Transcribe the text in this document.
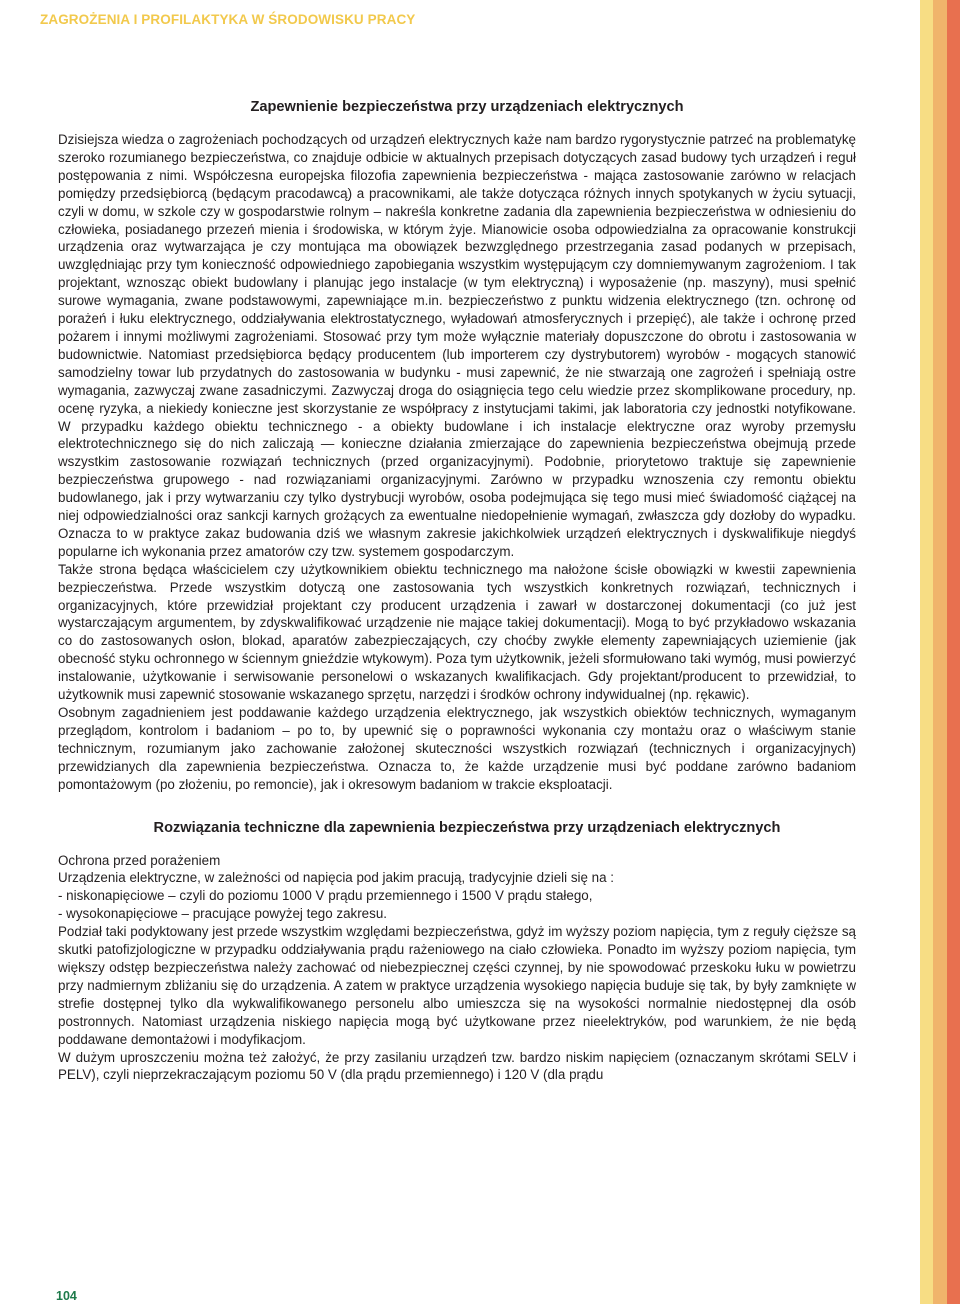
ZAGROŻENIA I PROFILAKTYKA W ŚRODOWISKU PRACY
Zapewnienie bezpieczeństwa przy urządzeniach elektrycznych

Dzisiejsza wiedza o zagrożeniach pochodzących od urządzeń elektrycznych każe nam bardzo rygorystycznie patrzeć na problematykę szeroko rozumianego bezpieczeństwa, co znajduje odbicie w aktualnych przepisach dotyczących zasad budowy tych urządzeń i reguł postępowania z nimi. Współczesna europejska filozofia zapewnienia bezpieczeństwa - mająca zastosowanie zarówno w relacjach pomiędzy przedsiębiorcą (będącym pracodawcą) a pracownikami, ale także dotycząca różnych innych spotykanych w życiu sytuacji, czyli w domu, w szkole czy w gospodarstwie rolnym – nakreśla konkretne zadania dla zapewnienia bezpieczeństwa w odniesieniu do człowieka, posiadanego przezeń mienia i środowiska, w którym żyje. Mianowicie osoba odpowiedzialna za opracowanie konstrukcji urządzenia oraz wytwarzająca je czy montująca ma obowiązek bezwzględnego przestrzegania zasad podanych w przepisach, uwzględniając przy tym konieczność odpowiedniego zapobiegania wszystkim występującym czy domniemywanym zagrożeniom. I tak projektant, wznosząc obiekt budowlany i planując jego instalacje (w tym elektryczną) i wyposażenie (np. maszyny), musi spełnić surowe wymagania, zwane podstawowymi, zapewniające m.in. bezpieczeństwo z punktu widzenia elektrycznego (tzn. ochronę od porażeń i łuku elektrycznego, oddziaływania elektrostatycznego, wyładowań atmosferycznych i przepięć), ale także i ochronę przed pożarem i innymi możliwymi zagrożeniami. Stosować przy tym może wyłącznie materiały dopuszczone do obrotu i zastosowania w budownictwie. Natomiast przedsiębiorca będący producentem (lub importerem czy dystrybutorem) wyrobów - mogących stanowić samodzielny towar lub przydatnych do zastosowania w budynku - musi zapewnić, że nie stwarzają one zagrożeń i spełniają ostre wymagania, zazwyczaj zwane zasadniczymi. Zazwyczaj droga do osiągnięcia tego celu wiedzie przez skomplikowane procedury, np. ocenę ryzyka, a niekiedy konieczne jest skorzystanie ze współpracy z instytucjami takimi, jak laboratoria czy jednostki notyfikowane. W przypadku każdego obiektu technicznego - a obiekty budowlane i ich instalacje elektryczne oraz wyroby przemysłu elektrotechnicznego się do nich zaliczają — konieczne działania zmierzające do zapewnienia bezpieczeństwa obejmują przede wszystkim zastosowanie rozwiązań technicznych (przed organizacyjnymi). Podobnie, priorytetowo traktuje się zapewnienie bezpieczeństwa grupowego - nad rozwiązaniami organizacyjnymi. Zarówno w przypadku wznoszenia czy remontu obiektu budowlanego, jak i przy wytwarzaniu czy tylko dystrybucji wyrobów, osoba podejmująca się tego musi mieć świadomość ciążącej na niej odpowiedzialności oraz sankcji karnych grożących za ewentualne niedopełnienie wymagań, zwłaszcza gdy dozłoby do wypadku. Oznacza to w praktyce zakaz budowania dziś we własnym zakresie jakichkolwiek urządzeń elektrycznych i dyskwalifikuje niegdyś popularne ich wykonania przez amatorów czy tzw. systemem gospodarczym.

Także strona będąca właścicielem czy użytkownikiem obiektu technicznego ma nałożone ścisłe obowiązki w kwestii zapewnienia bezpieczeństwa. Przede wszystkim dotyczą one zastosowania tych wszystkich konkretnych rozwiązań, technicznych i organizacyjnych, które przewidział projektant czy producent urządzenia i zawarł w dostarczonej dokumentacji (co już jest wystarczającym argumentem, by zdyskwalifikować urządzenie nie mające takiej dokumentacji). Mogą to być przykładowo wskazania co do zastosowanych osłon, blokad, aparatów zabezpieczających, czy choćby zwykłe elementy zapewniających uziemienie (jak obecność styku ochronnego w ściennym gnieździe wtykowym). Poza tym użytkownik, jeżeli sformułowano taki wymóg, musi powierzyć instalowanie, użytkowanie i serwisowanie personelowi o wskazanych kwalifikacjach. Gdy projektant/producent to przewidział, to użytkownik musi zapewnić stosowanie wskazanego sprzętu, narzędzi i środków ochrony indywidualnej (np. rękawic).

Osobnym zagadnieniem jest poddawanie każdego urządzenia elektrycznego, jak wszystkich obiektów technicznych, wymaganym przeglądom, kontrolom i badaniom – po to, by upewnić się o poprawności wykonania czy montażu oraz o właściwym stanie technicznym, rozumianym jako zachowanie założonej skuteczności wszystkich rozwiązań (technicznych i organizacyjnych) przewidzianych dla zapewnienia bezpieczeństwa. Oznacza to, że każde urządzenie musi być poddane zarówno badaniom pomontażowym (po złożeniu, po remoncie), jak i okresowym badaniom w trakcie eksploatacji.

Rozwiązania techniczne dla zapewnienia bezpieczeństwa przy urządzeniach elektrycznych

Ochrona przed porażeniem

Urządzenia elektryczne, w zależności od napięcia pod jakim pracują, tradycyjnie dzieli się na :

- niskonapięciowe – czyli do poziomu 1000 V prądu przemiennego i 1500 V prądu stałego,

- wysokonapięciowe – pracujące powyżej tego zakresu.

Podział taki podyktowany jest przede wszystkim względami bezpieczeństwa, gdyż im wyższy poziom napięcia, tym z reguły cięższe są skutki patofizjologiczne w przypadku oddziaływania prądu rażeniowego na ciało człowieka. Ponadto im wyższy poziom napięcia, tym większy odstęp bezpieczeństwa należy zachować od niebezpiecznej części czynnej, by nie spowodować przeskoku łuku w powietrzu przy nadmiernym zbliżaniu się do urządzenia. A zatem w praktyce urządzenia wysokiego napięcia buduje się tak, by były zamknięte w strefie dostępnej tylko dla wykwalifikowanego personelu albo umieszcza się na wysokości normalnie niedostępnej dla osób postronnych. Natomiast urządzenia niskiego napięcia mogą być użytkowane przez nieelektryków, pod warunkiem, że nie będą poddawane demontażowi i modyfikacjom.

W dużym uproszczeniu można też założyć, że przy zasilaniu urządzeń tzw. bardzo niskim napięciem (oznaczanym skrótami SELV i PELV), czyli nieprzekraczającym poziomu 50 V (dla prądu przemiennego) i 120 V (dla prądu

104
